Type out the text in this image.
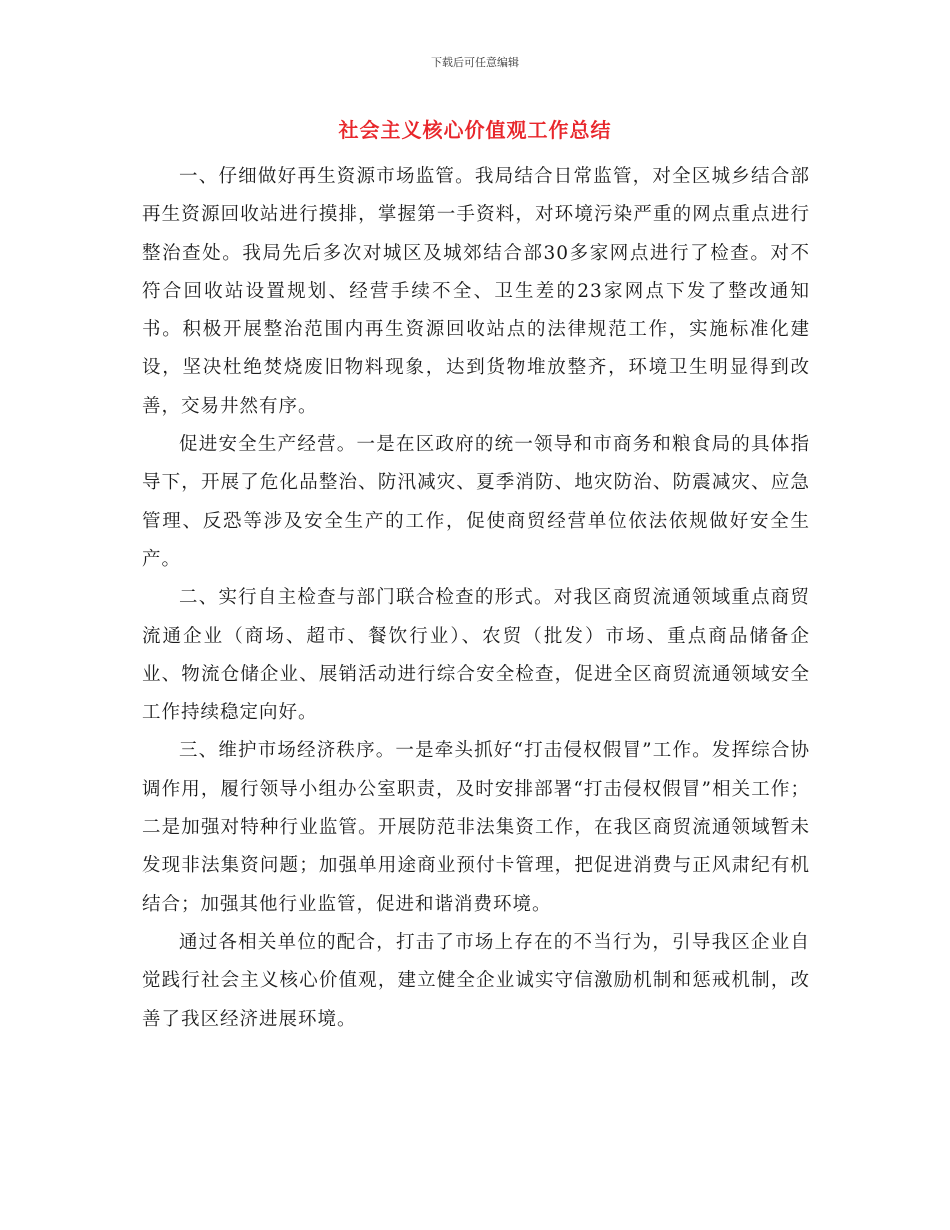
下载后可任意编辑
社会主义核心价值观工作总结

一、仔细做好再生资源市场监管。我局结合日常监管，对全区城乡结合部再生资源回收站进行摸排，掌握第一手资料，对环境污染严重的网点重点进行整治查处。我局先后多次对城区及城郊结合部30多家网点进行了检查。对不符合回收站设置规划、经营手续不全、卫生差的23家网点下发了整改通知书。积极开展整治范围内再生资源回收站点的法律规范工作，实施标准化建设，坚决杜绝焚烧废旧物料现象，达到货物堆放整齐，环境卫生明显得到改善，交易井然有序。

促进安全生产经营。一是在区政府的统一领导和市商务和粮食局的具体指导下，开展了危化品整治、防汛减灾、夏季消防、地灾防治、防震减灾、应急管理、反恐等涉及安全生产的工作，促使商贸经营单位依法依规做好安全生产。

二、实行自主检查与部门联合检查的形式。对我区商贸流通领域重点商贸流通企业（商场、超市、餐饮行业）、农贸（批发）市场、重点商品储备企业、物流仓储企业、展销活动进行综合安全检查，促进全区商贸流通领域安全工作持续稳定向好。

三、维护市场经济秩序。一是牵头抓好“打击侵权假冒”工作。发挥综合协调作用，履行领导小组办公室职责，及时安排部署“打击侵权假冒”相关工作；二是加强对特种行业监管。开展防范非法集资工作，在我区商贸流通领域暂未发现非法集资问题；加强单用途商业预付卡管理，把促进消费与正风肃纪有机结合；加强其他行业监管，促进和谐消费环境。

通过各相关单位的配合，打击了市场上存在的不当行为，引导我区企业自觉践行社会主义核心价值观，建立健全企业诚实守信激励机制和惩戒机制，改善了我区经济进展环境。
